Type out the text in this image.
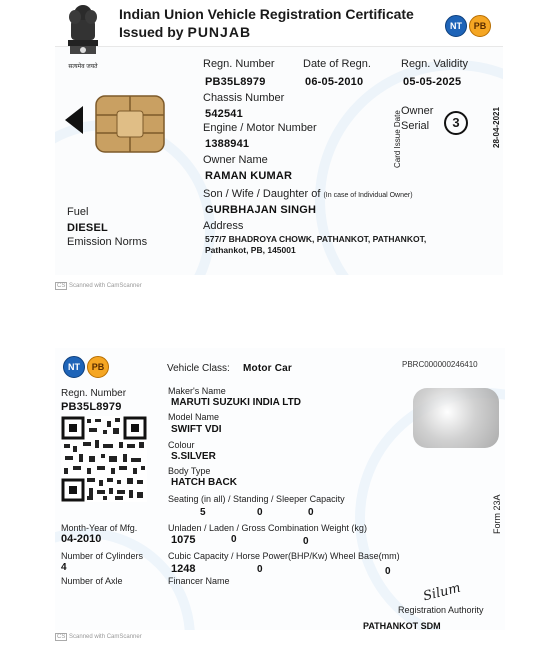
सत्यमेव जयते
Indian Union Vehicle Registration Certificate
Issued by PUNJAB	NT	PB
Regn. Number
PB35L8979
Date of Regn.
06-05-2010
Regn. Validity
05-05-2025
Chassis Number
542541
Engine / Motor Number
1388941
Owner
Serial	3
Owner Name
RAMAN KUMAR
Son / Wife / Daughter of (In case of Individual Owner)
GURBHAJAN SINGH
Fuel
DIESEL
Emission Norms
Address
577/7 BHADROYA CHOWK, PATHANKOT, PATHANKOT,
Pathankot, PB, 145001
Card Issue Date	28-04-2021
CS Scanned with CamScanner
NT	PB	Vehicle Class: Motor Car	PBRC000000246410
Regn. Number
PB35L8979
Maker's Name
MARUTI SUZUKI INDIA LTD
Model Name
SWIFT VDI
Colour
S.SILVER
Body Type
HATCH BACK
Seating (in all) / Standing / Sleeper Capacity
5	0	0
Month-Year of Mfg.
04-2010
Unladen / Laden / Gross Combination Weight (kg)
1075	0	0
Number of Cylinders
4
Number of Axle
Cubic Capacity / Horse Power(BHP/Kw) Wheel Base(mm)
1248	0	0
Financer Name
Form 23A
Silum
Registration Authority
PATHANKOT SDM
CS Scanned with CamScanner
